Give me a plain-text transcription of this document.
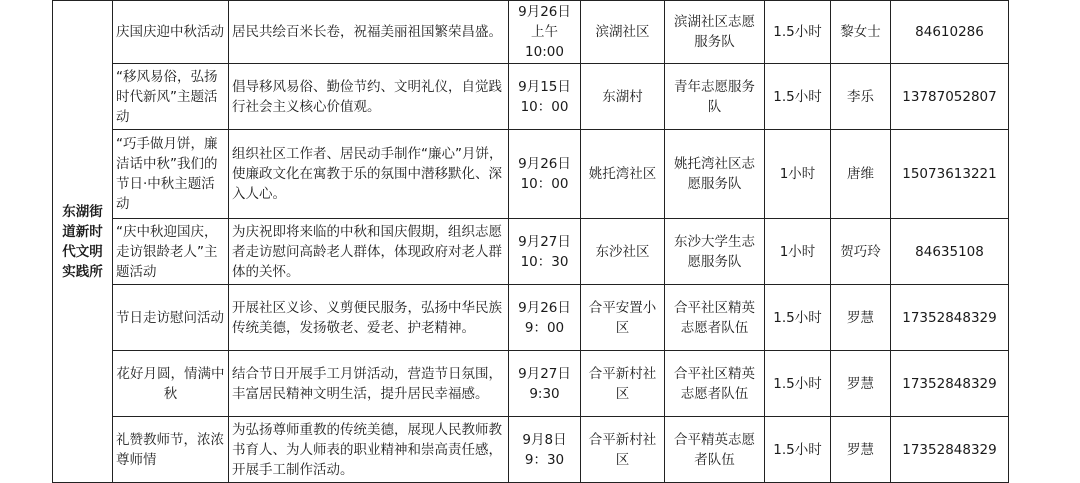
东湖街道新时代文明实践所	庆国庆迎中秋活动	居民共绘百米长卷，祝福美丽祖国繁荣昌盛。	9月26日上午10:00	滨湖社区	滨湖社区志愿服务队	1.5小时	黎女士	84610286
	“移风易俗，弘扬时代新风”主题活动	倡导移风易俗、勤俭节约、文明礼仪，自觉践行社会主义核心价值观。	9月15日 10：00	东湖村	青年志愿服务队	1.5小时	李乐	13787052807
	“巧手做月饼，廉洁话中秋”我们的节日·中秋主题活动	组织社区工作者、居民动手制作“廉心”月饼，使廉政文化在寓教于乐的氛围中潜移默化、深入人心。	9月26日 10：00	姚托湾社区	姚托湾社区志愿服务队	1小时	唐维	15073613221
	“庆中秋迎国庆，走访银龄老人”主题活动	为庆祝即将来临的中秋和国庆假期，组织志愿者走访慰问高龄老人群体，体现政府对老人群体的关怀。	9月27日 10：30	东沙社区	东沙大学生志愿服务队	1小时	贺巧玲	84635108
	节日走访慰问活动	开展社区义诊、义剪便民服务，弘扬中华民族传统美德，发扬敬老、爱老、护老精神。	9月26日 9：00	合平安置小区	合平社区精英志愿者队伍	1.5小时	罗慧	17352848329
	花好月圆，情满中秋	结合节日开展手工月饼活动，营造节日氛围，丰富居民精神文明生活，提升居民幸福感。	9月27日 9:30	合平新村社区	合平社区精英志愿者队伍	1.5小时	罗慧	17352848329
	礼赞教师节，浓浓尊师情	为弘扬尊师重教的传统美德，展现人民教师教书育人、为人师表的职业精神和崇高责任感，开展手工制作活动。	9月8日 9：30	合平新村社区	合平精英志愿者队伍	1.5小时	罗慧	17352848329
